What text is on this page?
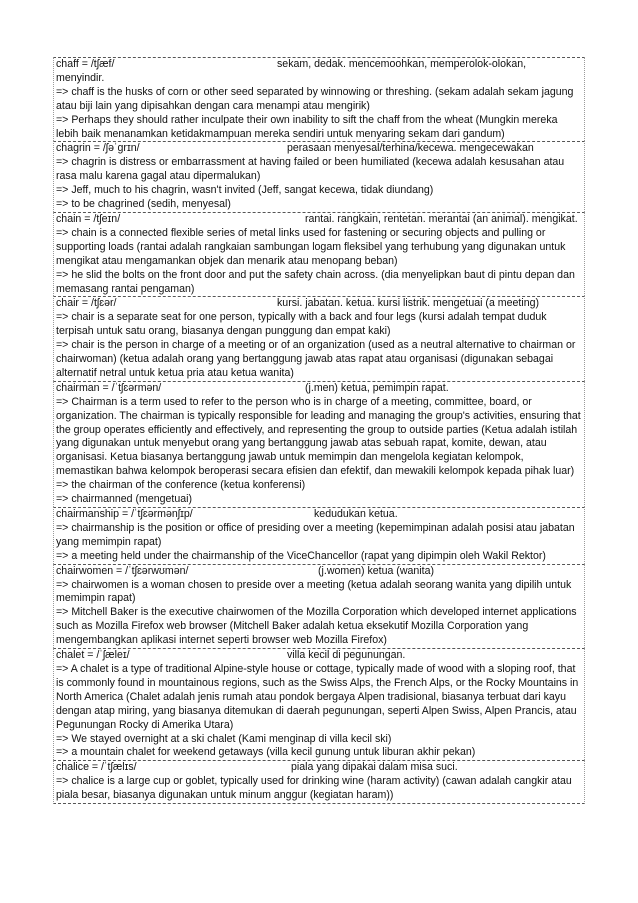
chaff = /tʃæf/	sekam, dedak. mencemoohkan, memperolok-olokan,
menyindir.
=> chaff is the husks of corn or other seed separated by winnowing or threshing. (sekam adalah sekam jagung atau biji lain yang dipisahkan dengan cara menampi atau mengirik)
=> Perhaps they should rather inculpate their own inability to sift the chaff from the wheat (Mungkin mereka lebih baik menanamkan ketidakmampuan mereka sendiri untuk menyaring sekam dari gandum)
chagrin = /ʃəˈɡrɪn/	perasaan menyesal/terhina/kecewa. mengecewakan
=> chagrin is distress or embarrassment at having failed or been humiliated (kecewa adalah kesusahan atau rasa malu karena gagal atau dipermalukan)
=> Jeff, much to his chagrin, wasn't invited (Jeff, sangat kecewa, tidak diundang)
=> to be chagrined (sedih, menyesal)
chain = /tʃeɪn/	rantai. rangkain, rentetan. merantai (an animal). mengikat.
=> chain is a connected flexible series of metal links used for fastening or securing objects and pulling or supporting loads (rantai adalah rangkaian sambungan logam fleksibel yang terhubung yang digunakan untuk mengikat atau mengamankan objek dan menarik atau menopang beban)
=> he slid the bolts on the front door and put the safety chain across. (dia menyelipkan baut di pintu depan dan memasang rantai pengaman)
chair = /tʃɛər/	kursi. jabatan. ketua. kursi listrik. mengetuai (a meeting)
=> chair is a separate seat for one person, typically with a back and four legs (kursi adalah tempat duduk terpisah untuk satu orang, biasanya dengan punggung dan empat kaki)
=> chair is the person in charge of a meeting or of an organization (used as a neutral alternative to chairman or chairwoman) (ketua adalah orang yang bertanggung jawab atas rapat atau organisasi (digunakan sebagai alternatif netral untuk ketua pria atau ketua wanita)
chairman = /ˈtʃɛərmən/	(j.men) ketua, pemimpin rapat.
=> Chairman is a term used to refer to the person who is in charge of a meeting, committee, board, or organization. The chairman is typically responsible for leading and managing the group's activities, ensuring that the group operates efficiently and effectively, and representing the group to outside parties (Ketua adalah istilah yang digunakan untuk menyebut orang yang bertanggung jawab atas sebuah rapat, komite, dewan, atau organisasi. Ketua biasanya bertanggung jawab untuk memimpin dan mengelola kegiatan kelompok, memastikan bahwa kelompok beroperasi secara efisien dan efektif, dan mewakili kelompok kepada pihak luar)
=> the chairman of the conference (ketua konferensi)
=> chairmanned (mengetuai)
chairmanship = /ˈtʃɛərmənʃɪp/	kedudukan ketua.
=> chairmanship is the position or office of presiding over a meeting (kepemimpinan adalah posisi atau jabatan yang memimpin rapat)
=> a meeting held under the chairmanship of the ViceChancellor (rapat yang dipimpin oleh Wakil Rektor)
chairwomen = /ˈtʃɛərwʊmən/	(j.women) ketua (wanita)
=> chairwomen is a woman chosen to preside over a meeting (ketua adalah seorang wanita yang dipilih untuk memimpin rapat)
=> Mitchell Baker is the executive chairwomen of the Mozilla Corporation which developed internet applications such as Mozilla Firefox web browser (Mitchell Baker adalah ketua eksekutif Mozilla Corporation yang mengembangkan aplikasi internet seperti browser web Mozilla Firefox)
chalet = /ˈʃæleɪ/	villa kecil di pegunungan.
=> A chalet is a type of traditional Alpine-style house or cottage, typically made of wood with a sloping roof, that is commonly found in mountainous regions, such as the Swiss Alps, the French Alps, or the Rocky Mountains in North America (Chalet adalah jenis rumah atau pondok bergaya Alpen tradisional, biasanya terbuat dari kayu dengan atap miring, yang biasanya ditemukan di daerah pegunungan, seperti Alpen Swiss, Alpen Prancis, atau Pegunungan Rocky di Amerika Utara)
=> We stayed overnight at a ski chalet (Kami menginap di villa kecil ski)
=> a mountain chalet for weekend getaways (villa kecil gunung untuk liburan akhir pekan)
chalice = /ˈtʃælɪs/	piala yang dipakai dalam misa suci.
=> chalice is a large cup or goblet, typically used for drinking wine (haram activity) (cawan adalah cangkir atau piala besar, biasanya digunakan untuk minum anggur (kegiatan haram))
